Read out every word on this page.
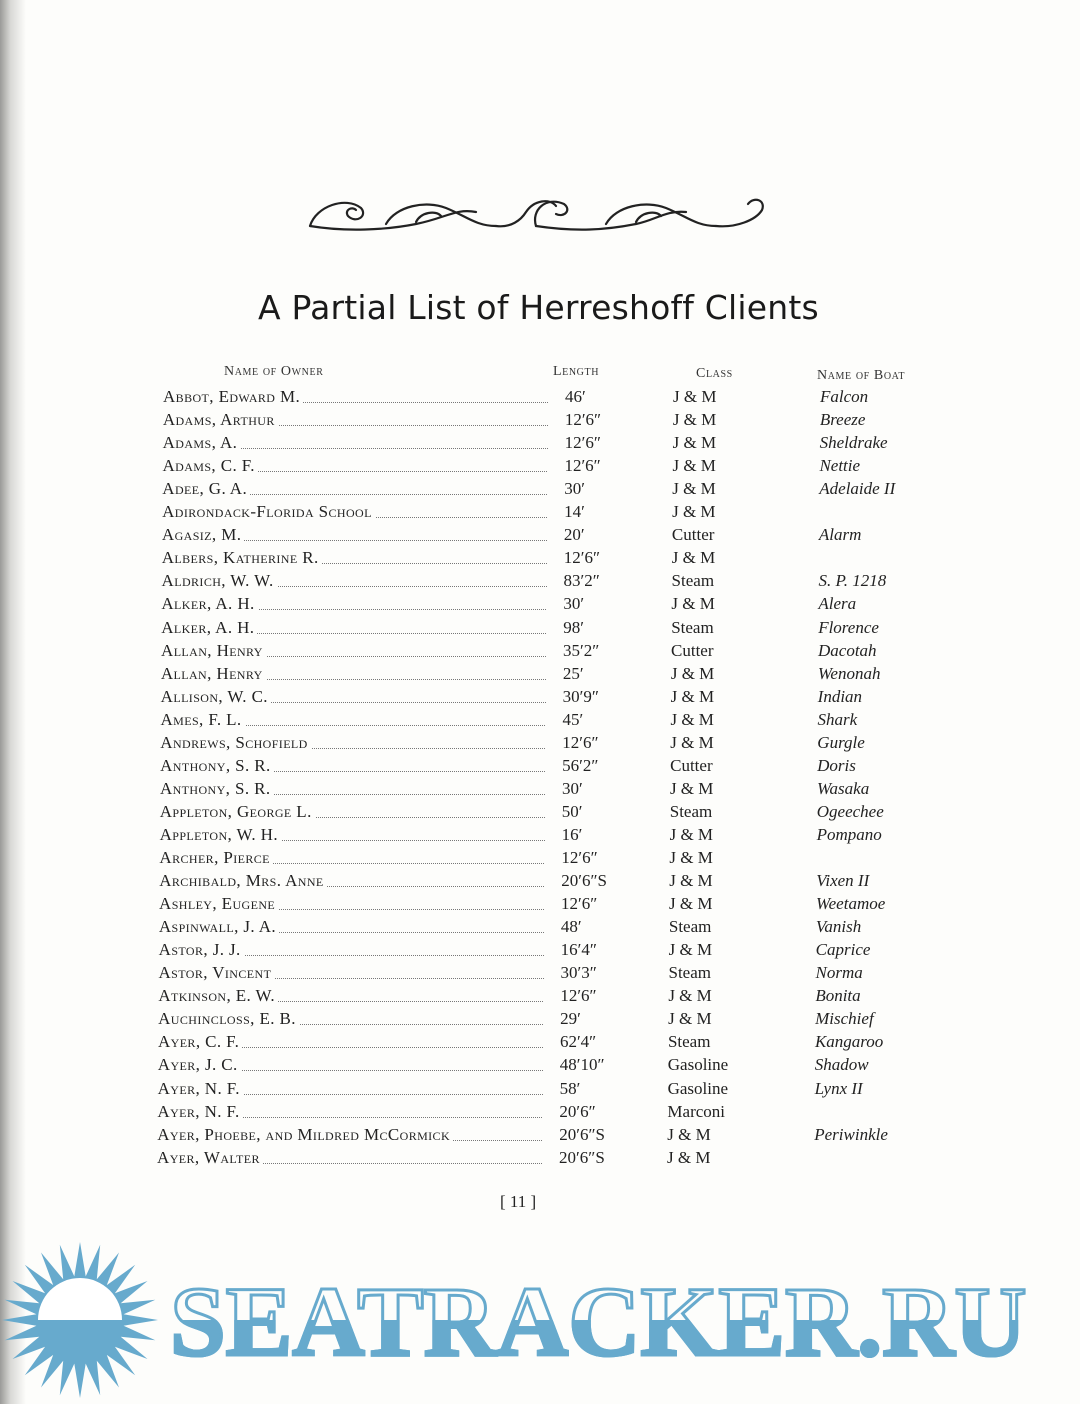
A Partial List of Herreshoff Clients
Name of Owner	Length	Class	Name of Boat
Abbot, Edward M.	46′	J & M	Falcon
Adams, Arthur	12′6″	J & M	Breeze
Adams, A.	12′6″	J & M	Sheldrake
Adams, C. F.	12′6″	J & M	Nettie
Adee, G. A.	30′	J & M	Adelaide II
Adirondack-Florida School	14′	J & M
Agasiz, M.	20′	Cutter	Alarm
Albers, Katherine R.	12′6″	J & M
Aldrich, W. W.	83′2″	Steam	S. P. 1218
Alker, A. H.	30′	J & M	Alera
Alker, A. H.	98′	Steam	Florence
Allan, Henry	35′2″	Cutter	Dacotah
Allan, Henry	25′	J & M	Wenonah
Allison, W. C.	30′9″	J & M	Indian
Ames, F. L.	45′	J & M	Shark
Andrews, Schofield	12′6″	J & M	Gurgle
Anthony, S. R.	56′2″	Cutter	Doris
Anthony, S. R.	30′	J & M	Wasaka
Appleton, George L.	50′	Steam	Ogeechee
Appleton, W. H.	16′	J & M	Pompano
Archer, Pierce	12′6″	J & M
Archibald, Mrs. Anne	20′6″S	J & M	Vixen II
Ashley, Eugene	12′6″	J & M	Weetamoe
Aspinwall, J. A.	48′	Steam	Vanish
Astor, J. J.	16′4″	J & M	Caprice
Astor, Vincent	30′3″	Steam	Norma
Atkinson, E. W.	12′6″	J & M	Bonita
Auchincloss, E. B.	29′	J & M	Mischief
Ayer, C. F.	62′4″	Steam	Kangaroo
Ayer, J. C.	48′10″	Gasoline	Shadow
Ayer, N. F.	58′	Gasoline	Lynx II
Ayer, N. F.	20′6″	Marconi
Ayer, Phoebe, and Mildred McCormick	20′6″S	J & M	Periwinkle
Ayer, Walter	20′6″S	J & M
[ 11 ]
SEATRACKER.RU
